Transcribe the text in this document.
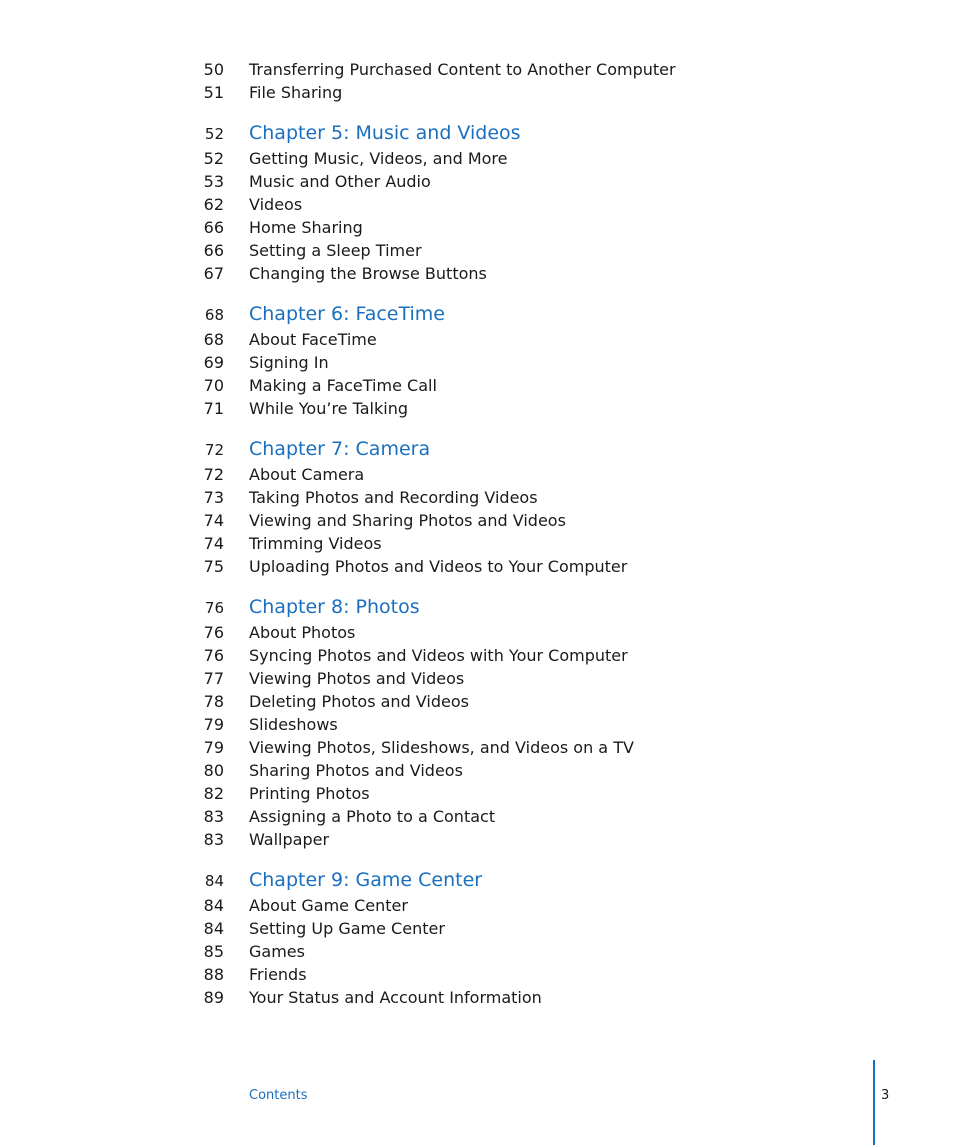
50 Transferring Purchased Content to Another Computer
51 File Sharing
52 Chapter 5: Music and Videos
52 Getting Music, Videos, and More
53 Music and Other Audio
62 Videos
66 Home Sharing
66 Setting a Sleep Timer
67 Changing the Browse Buttons
68 Chapter 6: FaceTime
68 About FaceTime
69 Signing In
70 Making a FaceTime Call
71 While You’re Talking
72 Chapter 7: Camera
72 About Camera
73 Taking Photos and Recording Videos
74 Viewing and Sharing Photos and Videos
74 Trimming Videos
75 Uploading Photos and Videos to Your Computer
76 Chapter 8: Photos
76 About Photos
76 Syncing Photos and Videos with Your Computer
77 Viewing Photos and Videos
78 Deleting Photos and Videos
79 Slideshows
79 Viewing Photos, Slideshows, and Videos on a TV
80 Sharing Photos and Videos
82 Printing Photos
83 Assigning a Photo to a Contact
83 Wallpaper
84 Chapter 9: Game Center
84 About Game Center
84 Setting Up Game Center
85 Games
88 Friends
89 Your Status and Account Information
Contents	3
